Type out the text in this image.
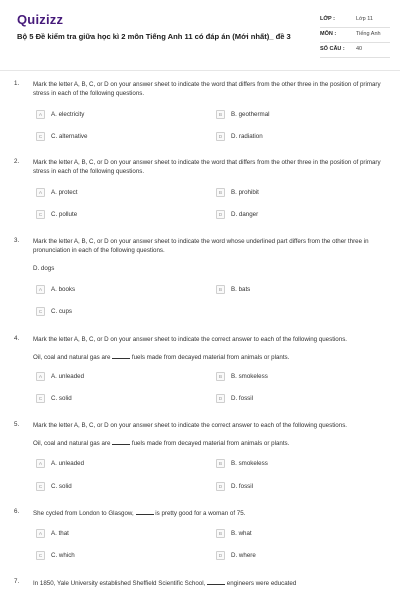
Quizizz
Bộ 5 Đề kiểm tra giữa học kì 2 môn Tiếng Anh 11 có đáp án (Mới nhất)_ đề 3
LỚP :	Lớp 11
MÔN :	Tiếng Anh
SỐ CÂU : 40
1. Mark the letter A, B, C, or D on your answer sheet to indicate the word that differs from the other three in the position of primary stress in each of the following questions.
A	A. electricity	B	B. geothermal
C	C. alternative	D	D. radiation
2. Mark the letter A, B, C, or D on your answer sheet to indicate the word that differs from the other three in the position of primary stress in each of the following questions.
A	A. protect	B	B. prohibit
C	C. pollute	D	D. danger
3. Mark the letter A, B, C, or D on your answer sheet to indicate the word whose underlined part differs from the other three in pronunciation in each of the following questions.
D. dogs
A	A. books	B	B. bats
C	C. cups
4. Mark the letter A, B, C, or D on your answer sheet to indicate the correct answer to each of the following questions.
Oil, coal and natural gas are	fuels made from decayed material from animals or plants.
A	A. unleaded	B	B. smokeless
C	C. solid	D	D. fossil
5. Mark the letter A, B, C, or D on your answer sheet to indicate the correct answer to each of the following questions.
Oil, coal and natural gas are	fuels made from decayed material from animals or plants.
A	A. unleaded	B	B. smokeless
C	C. solid	D	D. fossil
6. She cycled from London to Glasgow,	is pretty good for a woman of 75.
A	A. that	B	B. what
C	C. which	D	D. where
7. In 1850, Yale University established Sheffield Scientific School,	engineers were educated
